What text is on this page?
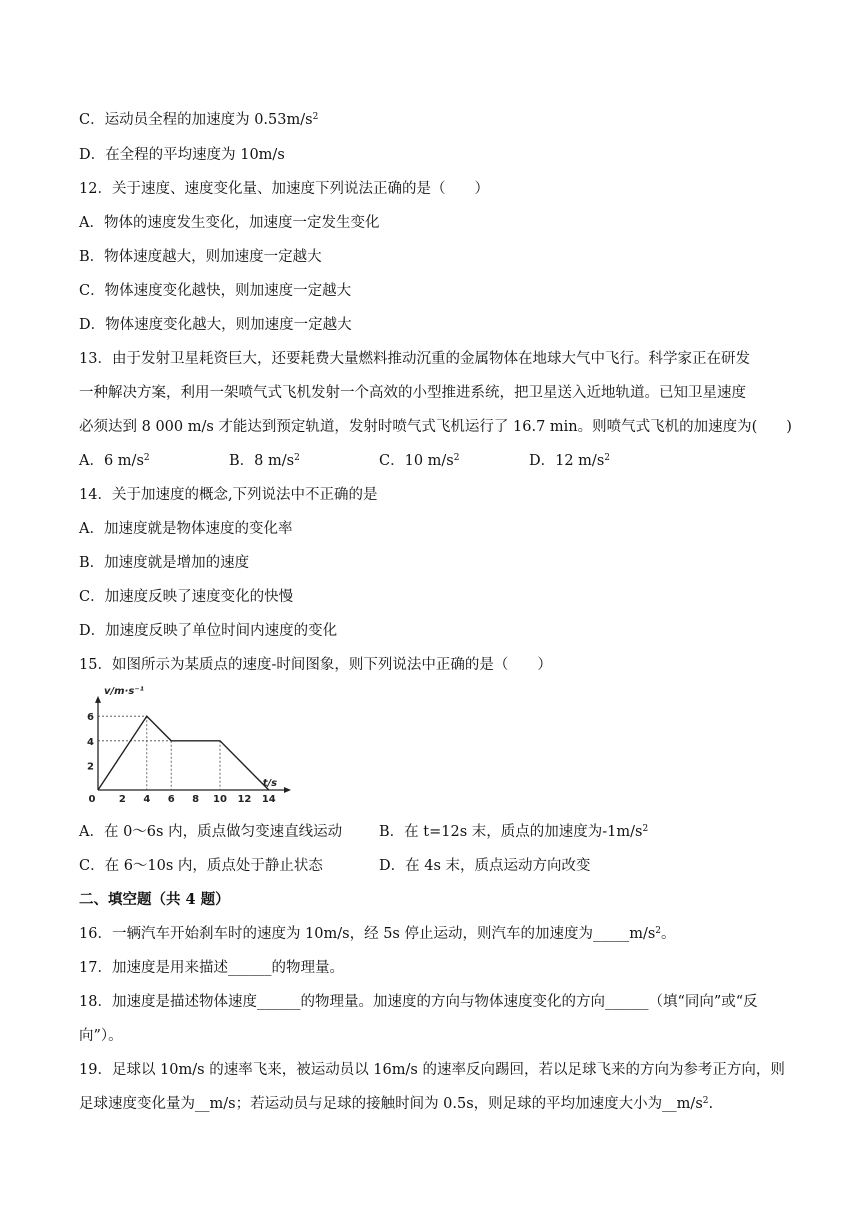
C．运动员全程的加速度为 $0.53m/s^2$
D．在全程的平均速度为 10m/s
12．关于速度、速度变化量、加速度下列说法正确的是（　　）
A．物体的速度发生变化，加速度一定发生变化
B．物体速度越大，则加速度一定越大
C．物体速度变化越快，则加速度一定越大
D．物体速度变化越大，则加速度一定越大
13．由于发射卫星耗资巨大，还要耗费大量燃料推动沉重的金属物体在地球大气中飞行。科学家正在研发
一种解决方案，利用一架喷气式飞机发射一个高效的小型推进系统，把卫星送入近地轨道。已知卫星速度
必须达到 8 000 m/s 才能达到预定轨道，发射时喷气式飞机运行了 16.7 min。则喷气式飞机的加速度为(　　)
A．6 $m/s^2$	B．8 $m/s^2$	C．10 $m/s^2$	D．12 $m/s^2$
14．关于加速度的概念,下列说法中不正确的是
A．加速度就是物体速度的变化率
B．加速度就是增加的速度
C．加速度反映了速度变化的快慢
D．加速度反映了单位时间内速度的变化
15．如图所示为某质点的速度-时间图象，则下列说法中正确的是（　　）
0 2 4 6 8 10 12 14
2
4
6
v/m·s⁻¹
t/s
A．在 0～6s 内，质点做匀变速直线运动	B．在 t=12s 末，质点的加速度为$-1m/s^2$
C．在 6～10s 内，质点处于静止状态	D．在 4s 末，质点运动方向改变
二、填空题（共 4 题）
16．一辆汽车开始刹车时的速度为 10m/s，经 5s 停止运动，则汽车的加速度为$\_\_\_\_\_m/s^2$。
17．加速度是用来描述______的物理量。
18．加速度是描述物体速度______的物理量。加速度的方向与物体速度变化的方向______（填“同向”或“反
向”）。
19．足球以 10m/s 的速率飞来，被运动员以 16m/s 的速率反向踢回，若以足球飞来的方向为参考正方向，则
足球速度变化量为__m/s；若运动员与足球的接触时间为 0.5s，则足球的平均加速度大小为$\_\_m/s^2$.
